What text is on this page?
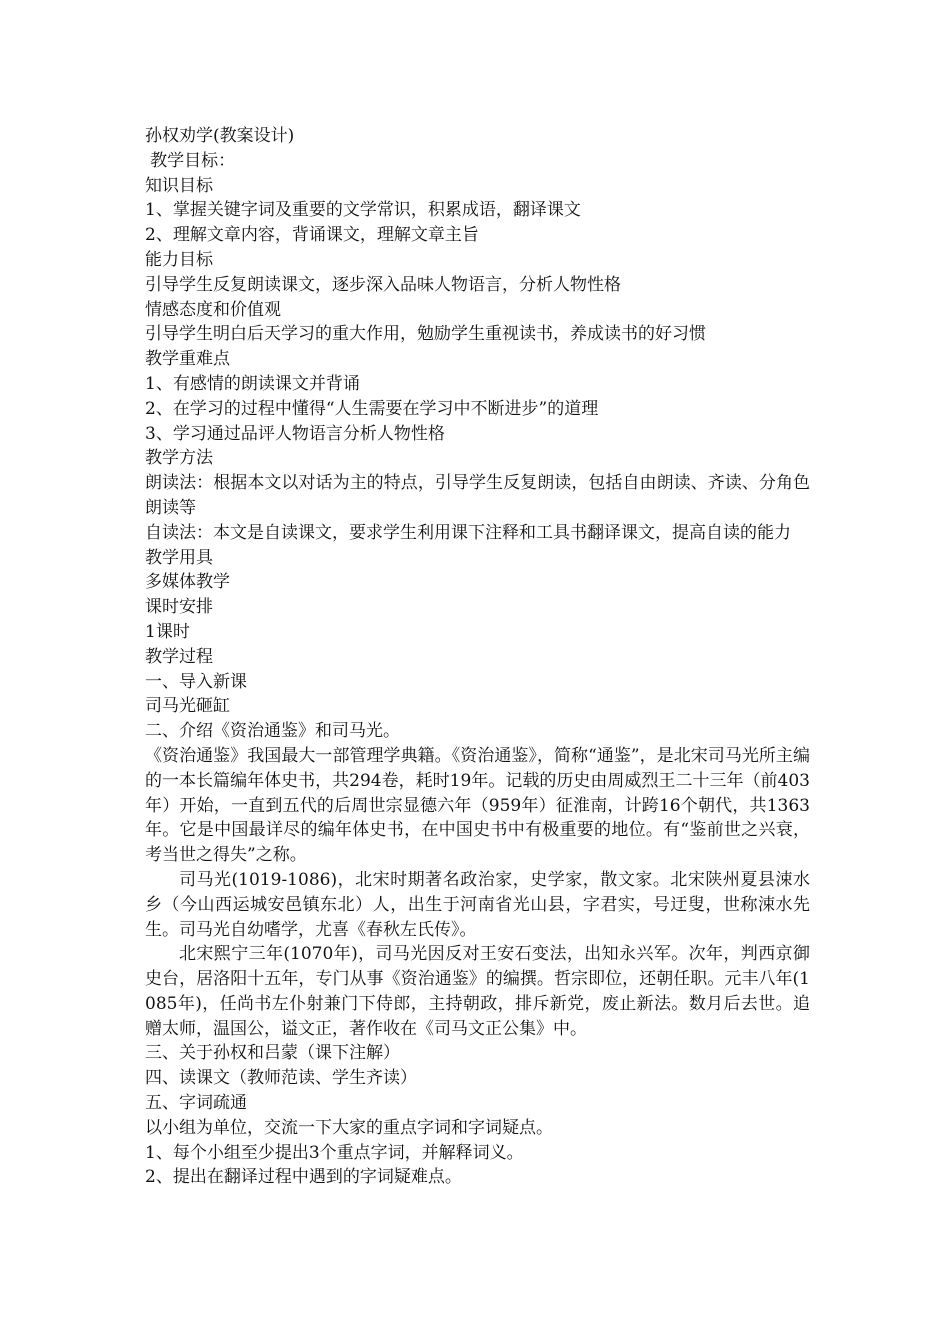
孙权劝学(教案设计)
教学目标：
知识目标
1、掌握关键字词及重要的文学常识，积累成语，翻译课文
2、理解文章内容，背诵课文，理解文章主旨
能力目标
引导学生反复朗读课文，逐步深入品味人物语言，分析人物性格
情感态度和价值观
引导学生明白后天学习的重大作用，勉励学生重视读书，养成读书的好习惯
教学重难点
1、有感情的朗读课文并背诵
2、在学习的过程中懂得“人生需要在学习中不断进步”的道理
3、学习通过品评人物语言分析人物性格
教学方法
朗读法：根据本文以对话为主的特点，引导学生反复朗读，包括自由朗读、齐读、分角色朗读等
自读法：本文是自读课文，要求学生利用课下注释和工具书翻译课文，提高自读的能力
教学用具
多媒体教学
课时安排
1课时
教学过程
一、导入新课
司马光砸缸
二、介绍《资治通鉴》和司马光。
《资治通鉴》我国最大一部管理学典籍。《资治通鉴》，简称“通鉴”，是北宋司马光所主编的一本长篇编年体史书，共294卷，耗时19年。记载的历史由周威烈王二十三年（前403年）开始，一直到五代的后周世宗显德六年（959年）征淮南，计跨16个朝代，共1363年。它是中国最详尽的编年体史书，在中国史书中有极重要的地位。有“鉴前世之兴衰，考当世之得失”之称。
司马光(1019-1086)，北宋时期著名政治家，史学家，散文家。北宋陕州夏县涑水乡（今山西运城安邑镇东北）人，出生于河南省光山县，字君实，号迂叟，世称涑水先生。司马光自幼嗜学，尤喜《春秋左氏传》。
北宋熙宁三年(1070年)，司马光因反对王安石变法，出知永兴军。次年，判西京御史台，居洛阳十五年，专门从事《资治通鉴》的编撰。哲宗即位，还朝任职。元丰八年(1085年)，任尚书左仆射兼门下侍郎，主持朝政，排斥新党，废止新法。数月后去世。追赠太师，温国公，谥文正，著作收在《司马文正公集》中。
三、关于孙权和吕蒙（课下注解）
四、读课文（教师范读、学生齐读）
五、字词疏通
以小组为单位，交流一下大家的重点字词和字词疑点。
1、每个小组至少提出3个重点字词，并解释词义。
2、提出在翻译过程中遇到的字词疑难点。
